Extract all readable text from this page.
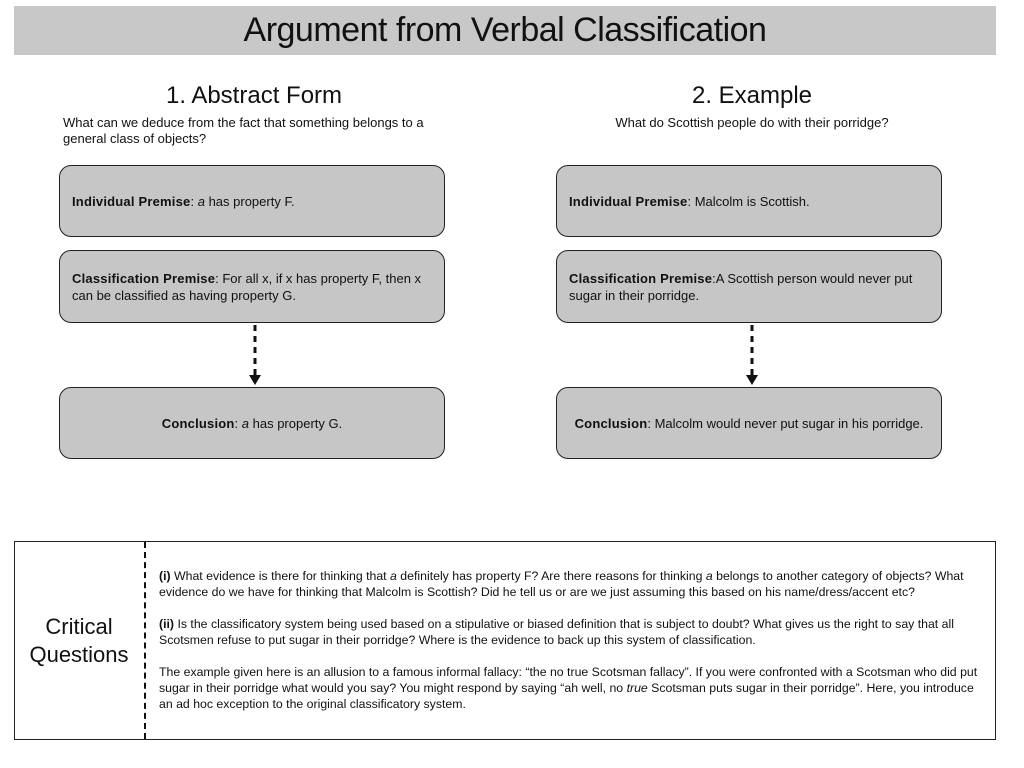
Argument from Verbal Classification
1. Abstract Form
What can we deduce from the fact that something belongs to a general class of objects?
Individual Premise: a has property F.
Classification Premise: For all x, if x has property F, then x can be classified as having property G.
Conclusion: a has property G.
2. Example
What do Scottish people do with their porridge?
Individual Premise: Malcolm is Scottish.
Classification Premise:A Scottish person would never put sugar in their porridge.
Conclusion: Malcolm would never put sugar in his porridge.
Critical
Questions

(i) What evidence is there for thinking that a definitely has property F? Are there reasons for thinking a belongs to another category of objects? What evidence do we have for thinking that Malcolm is Scottish? Did he tell us or are we just assuming this based on his name/dress/accent etc?

(ii) Is the classificatory system being used based on a stipulative or biased definition that is subject to doubt? What gives us the right to say that all Scotsmen refuse to put sugar in their porridge? Where is the evidence to back up this system of classification.

The example given here is an allusion to a famous informal fallacy: “the no true Scotsman fallacy”. If you were confronted with a Scotsman who did put sugar in their porridge what would you say? You might respond by saying “ah well, no true Scotsman puts sugar in their porridge”. Here, you introduce an ad hoc exception to the original classificatory system.
